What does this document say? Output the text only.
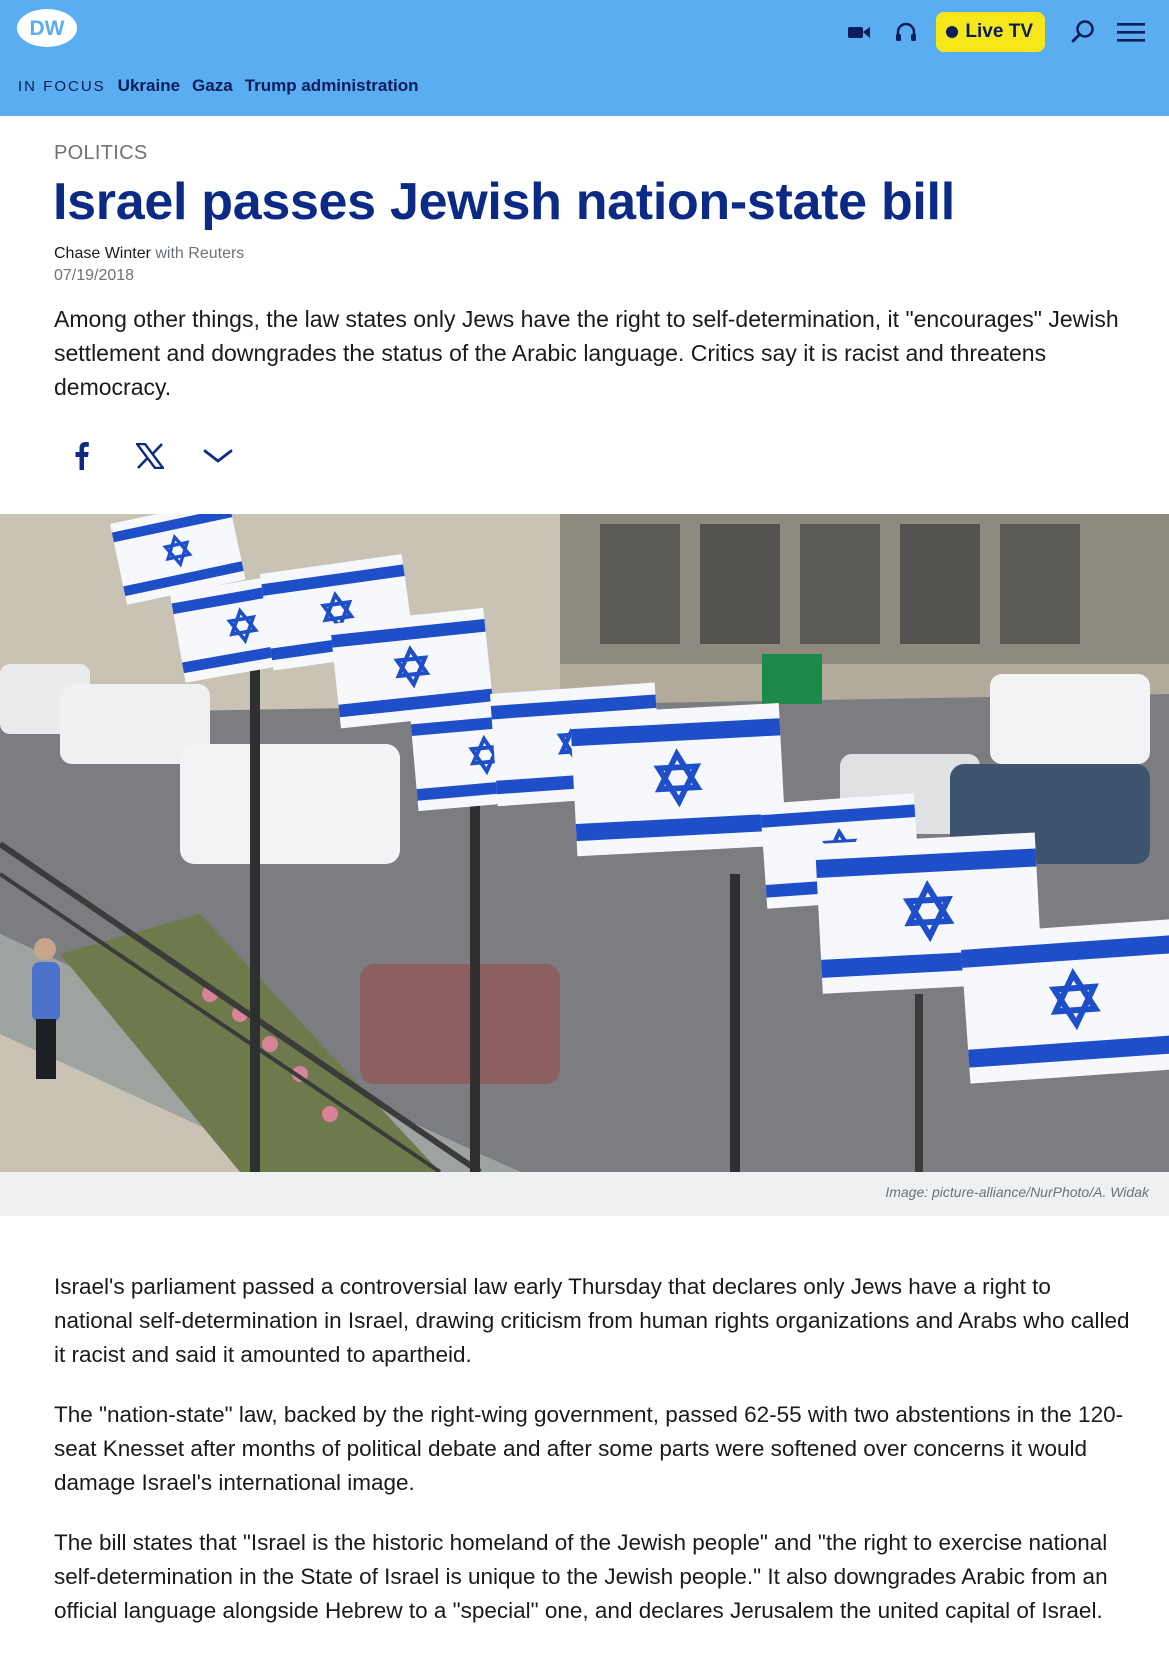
DW	Live TV
IN FOCUS Ukraine Gaza Trump administration
POLITICS
Israel passes Jewish nation-state bill
Chase Winter with Reuters
07/19/2018

Among other things, the law states only Jews have the right to self-determination, it "encourages" Jewish settlement and downgrades the status of the Arabic language. Critics say it is racist and threatens democracy.

Image: picture-alliance/NurPhoto/A. Widak

Israel's parliament passed a controversial law early Thursday that declares only Jews have a right to national self-determination in Israel, drawing criticism from human rights organizations and Arabs who called it racist and said it amounted to apartheid.

The "nation-state" law, backed by the right-wing government, passed 62-55 with two abstentions in the 120-seat Knesset after months of political debate and after some parts were softened over concerns it would damage Israel's international image.

The bill states that "Israel is the historic homeland of the Jewish people" and "the right to exercise national self-determination in the State of Israel is unique to the Jewish people." It also downgrades Arabic from an official language alongside Hebrew to a "special" one, and declares Jerusalem the united capital of Israel.
